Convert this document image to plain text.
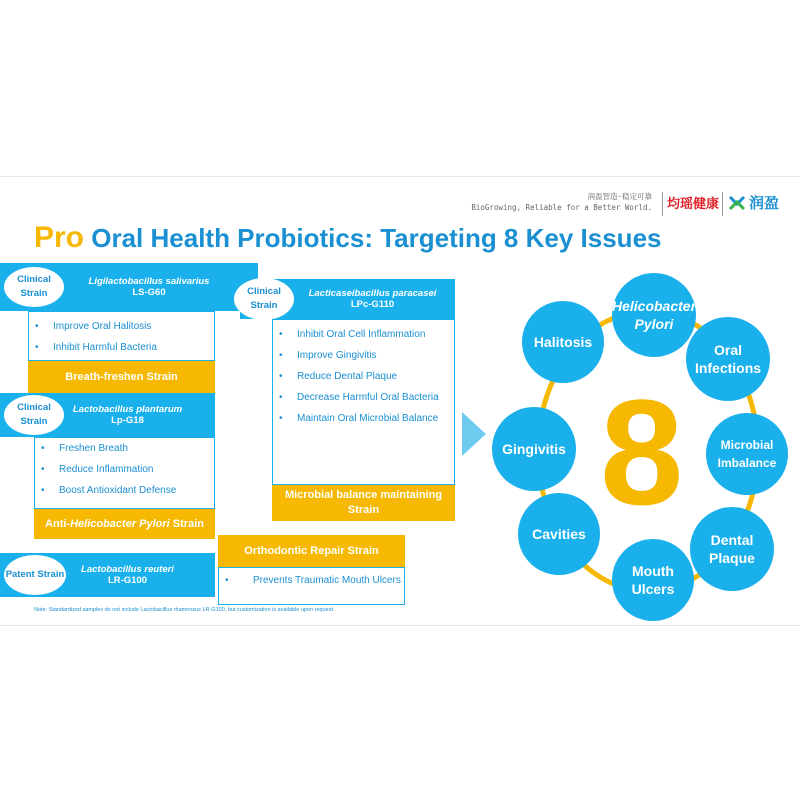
润盈智造·稳定可靠
BioGrowing, Reliable for a Better World.	均瑶健康	润盈
Pro Oral Health Probiotics: Targeting 8 Key Issues
Ligilactobacillus salivarius
LS-G60
Clinical Strain
• Improve Oral Halitosis
• Inhibit Harmful Bacteria
Breath-freshen Strain
Lacticaseibacillus paracasei
LPc-G110
Clinical Strain
• Inhibit Oral Cell Inflammation
• Improve Gingivitis
• Reduce Dental Plaque
• Decrease Harmful Oral Bacteria
• Maintain Oral Microbial Balance
Microbial balance maintaining Strain
Lactobacillus plantarum
Lp-G18
Clinical Strain
• Freshen Breath
• Reduce Inflammation
• Boost Antioxidant Defense
Anti-Helicobacter Pylori Strain
Lactobacillus reuteri
LR-G100
Patent Strain
Orthodontic Repair Strain
• Prevents Traumatic Mouth Ulcers
Note: Standardized samples do not include Lactobacillus rhamnosus LR-G100, but customization is available upon request.
8
Halitosis
Helicobacter Pylori
Oral Infections
Microbial Imbalance
Dental Plaque
Mouth Ulcers
Cavities
Gingivitis
